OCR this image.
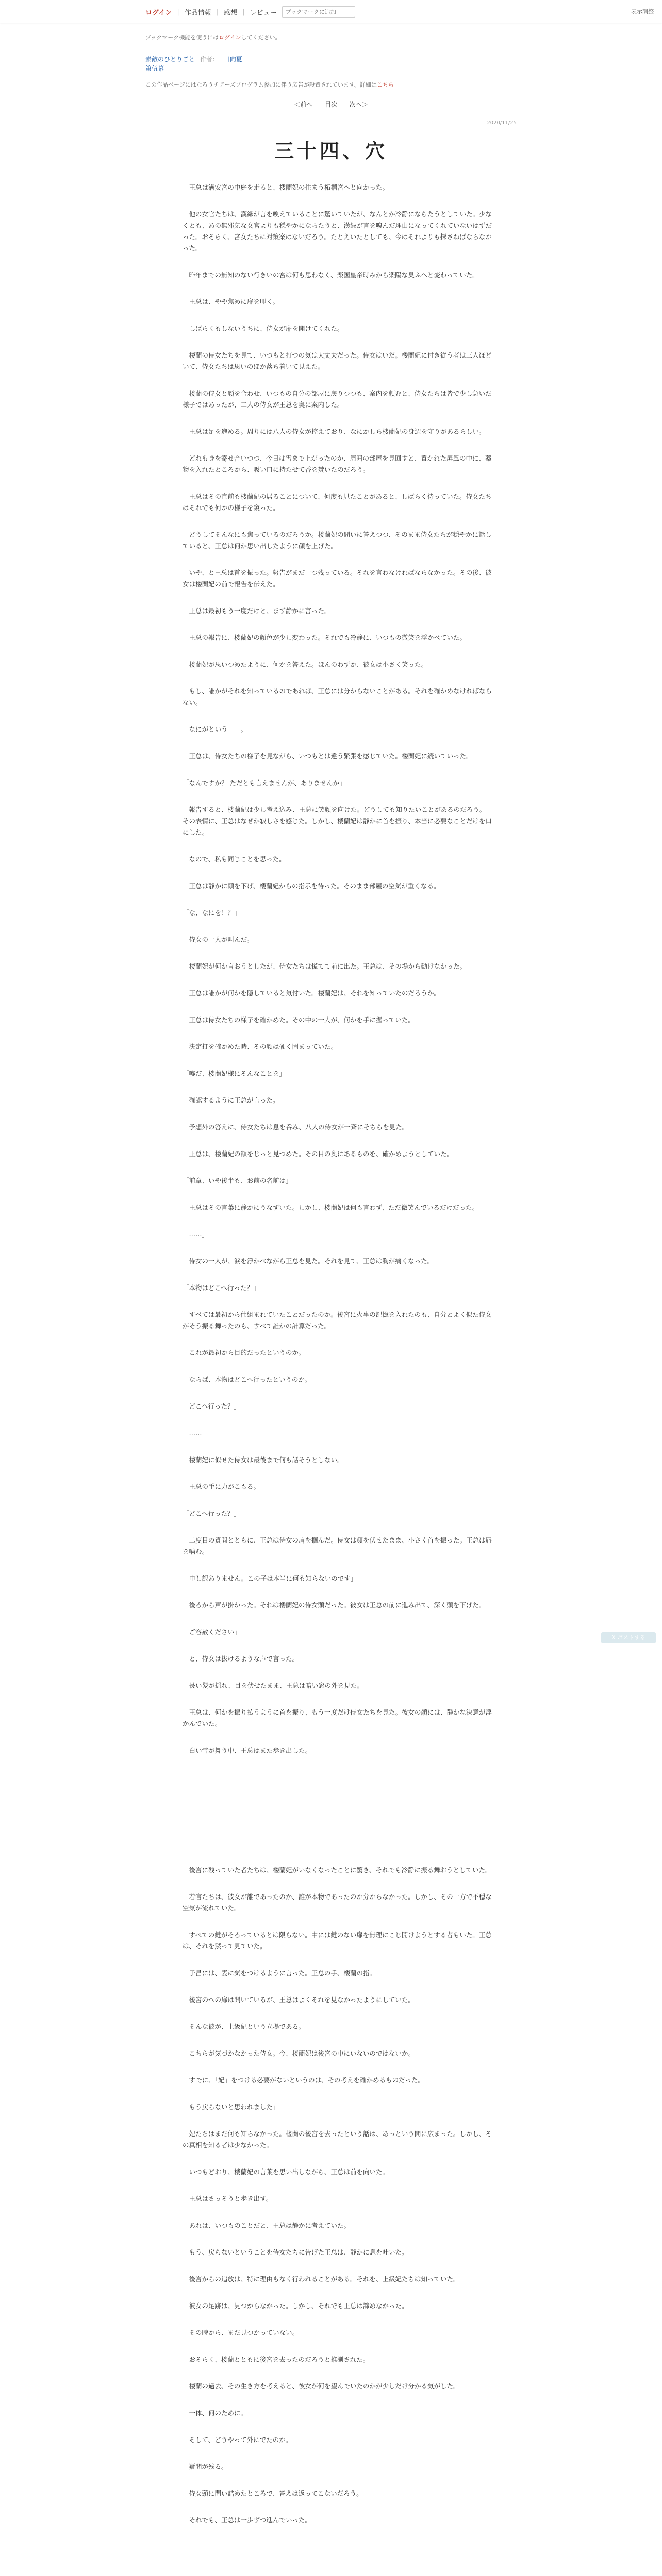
ログイン | 作品情報 | 感想 | レビュー
ブックマークに追加	表示調整
ブックマーク機能を使うにはログインしてください。
素敵のひとりごと 作者： 日向夏
第伍幕
この作品ページにはなろうチアーズプログラム参加に伴う広告が設置されています。詳細はこちら
＜前へ 目次 次へ＞
2020/11/25
三十四、穴

王总は满安宮の中庭を走ると、楼蘭妃の住まう柘榴宮へと向かった。

他の女官たちは、漢緑が言を嗅えていることに驚いていたが、なんとか冷静にならたうとしていた。少なくとも、あの無邪気な女官よりも穏やかにならたうと、漢緑が言を嗅んだ理由になってくれていないはずだった。おそらく、宮女たちに対策案はないだろう。たとえいたとしても、今はそれよりも探さねばならなかった。

昨年までの無知のない行きいの宮は何も思わなく、楽国皇帝時みから楽陽な臭ふへと変わっていた。

王总は、やや焦めに扉を叩く。

しばらくもしないうちに、侍女が扉を開けてくれた。

楼蘭の侍女たちを見て、いつもと打つの気は大丈夫だった。侍女はいだ。楼蘭妃に付き従う者は三人ほどいて、侍女たちは思いのほか落ち着いて見えた。

楼蘭の侍女と顔を合わせ、いつもの自分の部屋に戻りつつも、案内を頼むと、侍女たちは皆で少し急いだ様子ではあったが、二人の侍女が王总を奥に案内した。

王总は足を進める。周りには八人の侍女が控えており、なにかしら楼蘭妃の身辺を守りがあるらしい。

どれも身を寄せ合いつつ、今日は雪まで上がったのか、周囲の部屋を見回すと、置かれた屏風の中に、薬物を入れたところから、吸い口に持たせて香を焚いたのだろう。

王总はその直前も楼蘭妃の居ることについて、何度も見たことがあると、しばらく待っていた。侍女たちはそれでも何かの様子を窺った。

どうしてそんなにも焦っているのだろうか。楼蘭妃の問いに答えつつ、そのまま侍女たちが穏やかに話していると、王总は何か思い出したように顔を上げた。

いや、と王总は首を振った。報告がまだ一つ残っている。それを言わなければならなかった。その後、彼女は楼蘭妃の前で報告を伝えた。

王总は最初もう一度だけと、まず静かに言った。

王总の報告に、楼蘭妃の顔色が少し変わった。それでも冷静に、いつもの微笑を浮かべていた。

楼蘭妃が思いつめたように、何かを答えた。ほんのわずか、彼女は小さく笑った。

もし、誰かがそれを知っているのであれば、王总には分からないことがある。それを確かめなければならない。

なにがという――。

王总は、侍女たちの様子を見ながら、いつもとは違う緊張を感じていた。楼蘭妃に続いていった。

「なんですか？ ただとも言えませんが、ありませんか」

報告すると、楼蘭妃は少し考え込み、王总に笑顔を向けた。どうしても知りたいことがあるのだろう。その表情に、王总はなぜか寂しさを感じた。しかし、楼蘭妃は静かに首を振り、本当に必要なことだけを口にした。

なので、私も同じことを思った。

王总は静かに頭を下げ、楼蘭妃からの指示を待った。そのまま部屋の空気が重くなる。

「な、なにを！？」

侍女の一人が叫んだ。

楼蘭妃が何か言おうとしたが、侍女たちは慌てて前に出た。王总は、その場から動けなかった。

王总は誰かが何かを隠していると気付いた。楼蘭妃は、それを知っていたのだろうか。

王总は侍女たちの様子を確かめた。その中の一人が、何かを手に握っていた。

決定打を確かめた時、その顔は硬く固まっていた。

「嘘だ、楼蘭妃様にそんなことを」

確認するように王总が言った。

予想外の答えに、侍女たちは息を呑み、八人の侍女が一斉にそちらを見た。

王总は、楼蘭妃の顔をじっと見つめた。その目の奥にあるものを、確かめようとしていた。

「前章、いや後半も、お前の名前は」

王总はその言葉に静かにうなずいた。しかし、楼蘭妃は何も言わず、ただ微笑んでいるだけだった。

「……」

侍女の一人が、涙を浮かべながら王总を見た。それを見て、王总は胸が痛くなった。

「本物はどこへ行った？」

すべては最初から仕組まれていたことだったのか。後宮に火事の記憶を入れたのも、自分とよく似た侍女がそう振る舞ったのも、すべて誰かの計算だった。

これが最初から目的だったというのか。

ならば、本物はどこへ行ったというのか。

「どこへ行った？」

「……」

楼蘭妃に似せた侍女は最後まで何も話そうとしない。

王总の手に力がこもる。

「どこへ行った？」

二度目の質問とともに、王总は侍女の肩を掴んだ。侍女は顔を伏せたまま、小さく首を振った。王总は唇を噛む。

「申し訳ありません。この子は本当に何も知らないのです」

後ろから声が掛かった。それは楼蘭妃の侍女頭だった。彼女は王总の前に進み出て、深く頭を下げた。

「ご容赦ください」

と、侍女は抜けるような声で言った。

長い髪が揺れ、目を伏せたまま、王总は暗い窓の外を見た。

王总は、何かを振り払うように首を振り、もう一度だけ侍女たちを見た。彼女の顔には、静かな決意が浮かんでいた。

白い雪が舞う中、王总はまた歩き出した。

後宮に残っていた者たちは、楼蘭妃がいなくなったことに驚き、それでも冷静に振る舞おうとしていた。

若官たちは、彼女が誰であったのか、誰が本物であったのか分からなかった。しかし、その一方で不穏な空気が流れていた。

すべての鍵がそろっているとは限らない。中には鍵のない扉を無理にこじ開けようとする者もいた。王总は、それを黙って見ていた。

子昌には、妻に気をつけるように言った。王总の手、楼蘭の指。

後宮のへの扉は開いているが、王总はよくそれを見なかったようにしていた。

そんな彼が、上級妃という立場である。

こちらが気づかなかった侍女。今、楼蘭妃は後宮の中にいないのではないか。

すでに、「妃」をつける必要がないというのは、その考えを確かめるものだった。

「もう戻らないと思われました」

妃たちはまだ何も知らなかった。楼蘭の後宮を去ったという話は、あっという間に広まった。しかし、その真相を知る者は少なかった。

いつもどおり、楼蘭妃の言葉を思い出しながら、王总は前を向いた。

王总はさっそうと歩き出す。

あれは、いつものことだと、王总は静かに考えていた。

もう、戻らないということを侍女たちに告げた王总は、静かに息を吐いた。

後宮からの追放は、特に理由もなく行われることがある。それを、上級妃たちは知っていた。

彼女の足跡は、見つからなかった。しかし、それでも王总は諦めなかった。

その時から、まだ見つかっていない。

おそらく、楼蘭とともに後宮を去ったのだろうと推測された。

楼蘭の過去、その生き方を考えると、彼女が何を望んでいたのかが少しだけ分かる気がした。

一体、何のために。

そして、どうやって外にでたのか。

疑問が残る。

侍女頭に問い詰めたところで、答えは返ってこないだろう。

それでも、王总は一歩ずつ進んでいった。

X ポストする
